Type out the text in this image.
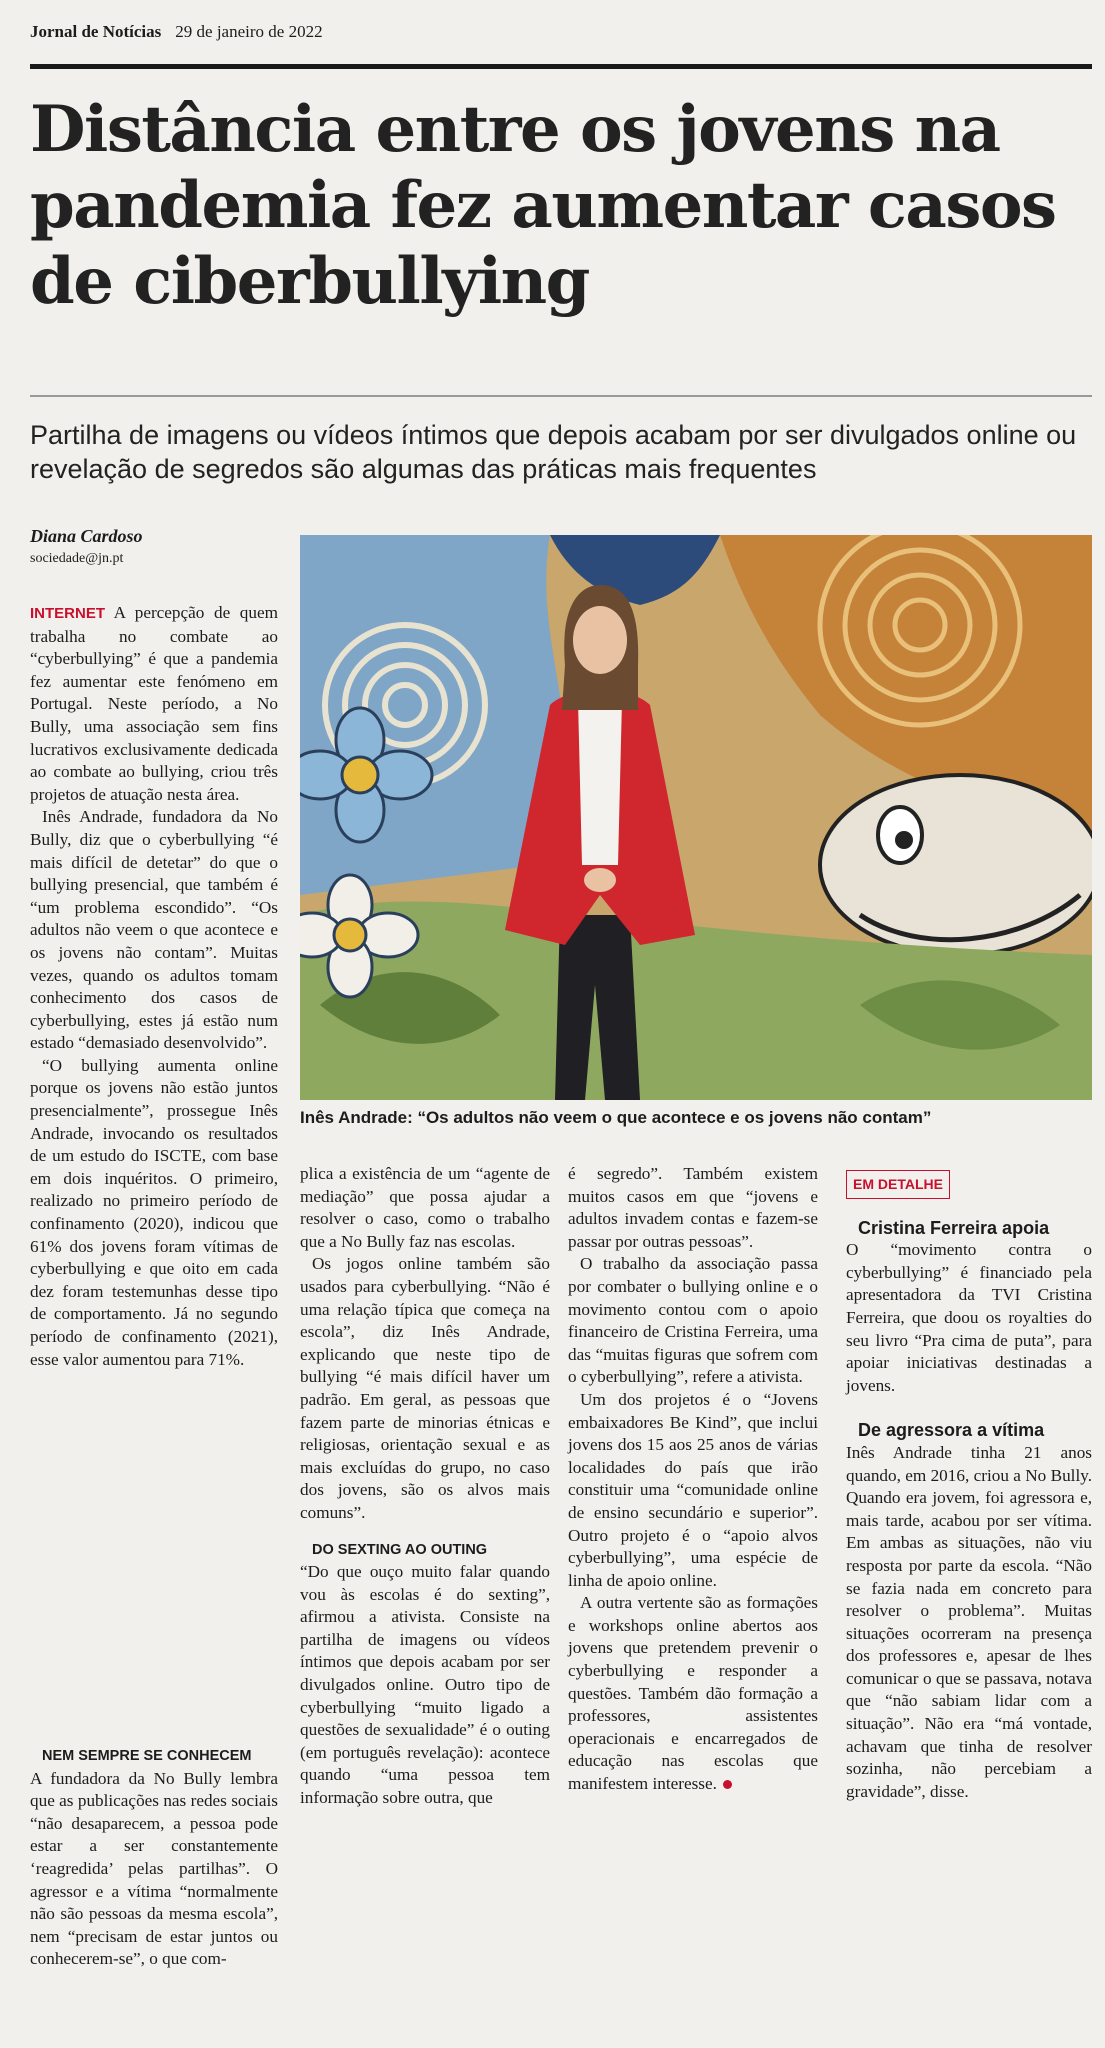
Jornal de Notícias 29 de janeiro de 2022
Distância entre os jovens na pandemia fez aumentar casos de ciberbullying

Partilha de imagens ou vídeos íntimos que depois acabam por ser divulgados online ou revelação de segredos são algumas das práticas mais frequentes

Diana Cardoso
sociedade@jn.pt

INTERNET A percepção de quem trabalha no combate ao “cyberbullying” é que a pandemia fez aumentar este fenómeno em Portugal. Neste período, a No Bully, uma associação sem fins lucrativos exclusivamente dedicada ao combate ao bullying, criou três projetos de atuação nesta área.

Inês Andrade, fundadora da No Bully, diz que o cyberbullying “é mais difícil de detetar” do que o bullying presencial, que também é “um problema escondido”. “Os adultos não veem o que acontece e os jovens não contam”. Muitas vezes, quando os adultos tomam conhecimento dos casos de cyberbullying, estes já estão num estado “demasiado desenvolvido”.

“O bullying aumenta online porque os jovens não estão juntos presencialmente”, prossegue Inês Andrade, invocando os resultados de um estudo do ISCTE, com base em dois inquéritos. O primeiro, realizado no primeiro período de confinamento (2020), indicou que 61% dos jovens foram vítimas de cyberbullying e que oito em cada dez foram testemunhas desse tipo de comportamento. Já no segundo período de confinamento (2021), esse valor aumentou para 71%.

NEM SEMPRE SE CONHECEM

A fundadora da No Bully lembra que as publicações nas redes sociais “não desaparecem, a pessoa pode estar a ser constantemente ‘reagredida’ pelas partilhas”. O agressor e a vítima “normalmente não são pessoas da mesma escola”, nem “precisam de estar juntos ou conhecerem-se”, o que com-

Inês Andrade: “Os adultos não veem o que acontece e os jovens não contam”

plica a existência de um “agente de mediação” que possa ajudar a resolver o caso, como o trabalho que a No Bully faz nas escolas.

Os jogos online também são usados para cyberbullying. “Não é uma relação típica que começa na escola”, diz Inês Andrade, explicando que neste tipo de bullying “é mais difícil haver um padrão. Em geral, as pessoas que fazem parte de minorias étnicas e religiosas, orientação sexual e as mais excluídas do grupo, no caso dos jovens, são os alvos mais comuns”.

DO SEXTING AO OUTING

“Do que ouço muito falar quando vou às escolas é do sexting”, afirmou a ativista. Consiste na partilha de imagens ou vídeos íntimos que depois acabam por ser divulgados online. Outro tipo de cyberbullying “muito ligado a questões de sexualidade” é o outing (em português revelação): acontece quando “uma pessoa tem informação sobre outra, que

é segredo”. Também existem muitos casos em que “jovens e adultos invadem contas e fazem-se passar por outras pessoas”.

O trabalho da associação passa por combater o bullying online e o movimento contou com o apoio financeiro de Cristina Ferreira, uma das “muitas figuras que sofrem com o cyberbullying”, refere a ativista.

Um dos projetos é o “Jovens embaixadores Be Kind”, que inclui jovens dos 15 aos 25 anos de várias localidades do país que irão constituir uma “comunidade online de ensino secundário e superior”. Outro projeto é o “apoio alvos cyberbullying”, uma espécie de linha de apoio online.

A outra vertente são as formações e workshops online abertos aos jovens que pretendem prevenir o cyberbullying e responder a questões. Também dão formação a professores, assistentes operacionais e encarregados de educação nas escolas que manifestem interesse.

EM DETALHE

Cristina Ferreira apoia

O “movimento contra o cyberbullying” é financiado pela apresentadora da TVI Cristina Ferreira, que doou os royalties do seu livro “Pra cima de puta”, para apoiar iniciativas destinadas a jovens.

De agressora a vítima

Inês Andrade tinha 21 anos quando, em 2016, criou a No Bully. Quando era jovem, foi agressora e, mais tarde, acabou por ser vítima. Em ambas as situações, não viu resposta por parte da escola. “Não se fazia nada em concreto para resolver o problema”. Muitas situações ocorreram na presença dos professores e, apesar de lhes comunicar o que se passava, notava que “não sabiam lidar com a situação”. Não era “má vontade, achavam que tinha de resolver sozinha, não percebiam a gravidade”, disse.
